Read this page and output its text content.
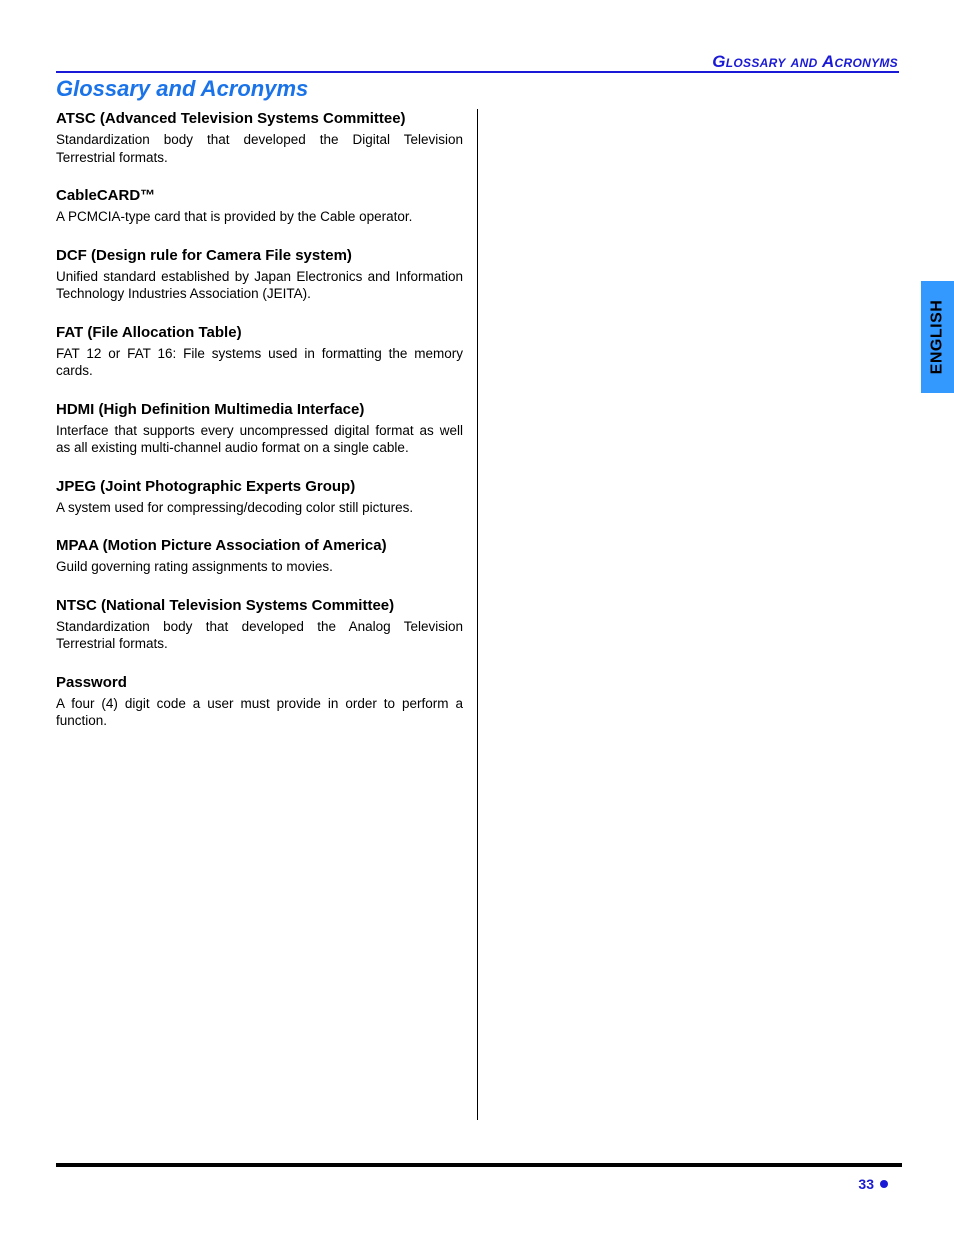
Glossary and Acronyms
Glossary and Acronyms

ATSC (Advanced Television Systems Committee)

Standardization body that developed the Digital Television Terrestrial formats.

CableCARD™

A PCMCIA-type card that is provided by the Cable operator.

DCF (Design rule for Camera File system)

Unified standard established by Japan Electronics and Information Technology Industries Association (JEITA).

FAT (File Allocation Table)

FAT 12 or FAT 16: File systems used in formatting the memory cards.

HDMI (High Definition Multimedia Interface)

Interface that supports every uncompressed digital format as well as all existing multi-channel audio format on a single cable.

JPEG (Joint Photographic Experts Group)

A system used for compressing/decoding color still pictures.

MPAA (Motion Picture Association of America)

Guild governing rating assignments to movies.

NTSC (National Television Systems Committee)

Standardization body that developed the Analog Television Terrestrial formats.

Password

A four (4) digit code a user must provide in order to perform a function.

ENGLISH
33
